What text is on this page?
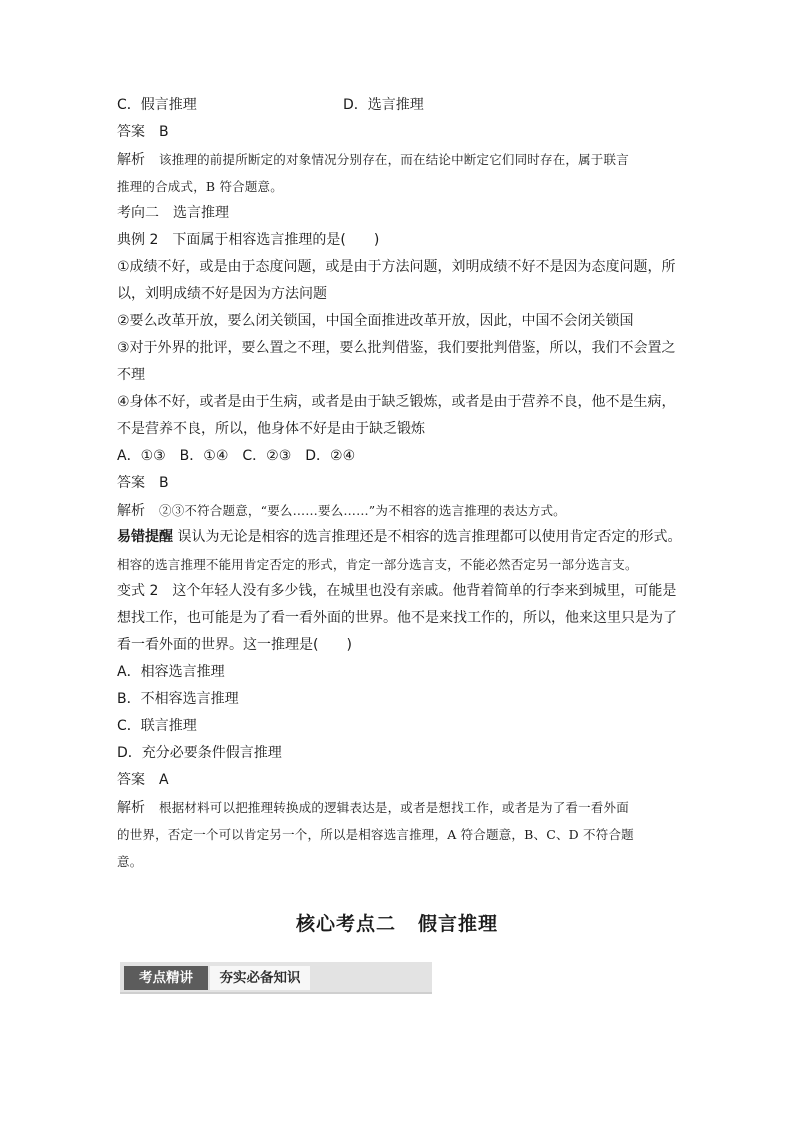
C．假言推理	D．选言推理
答案 B
解析 该推理的前提所断定的对象情况分别存在，而在结论中断定它们同时存在，属于联言
推理的合成式，B 符合题意。
考向二　选言推理
典例 2 下面属于相容选言推理的是(　　)
①成绩不好，或是由于态度问题，或是由于方法问题，刘明成绩不好不是因为态度问题，所
以，刘明成绩不好是因为方法问题
②要么改革开放，要么闭关锁国，中国全面推进改革开放，因此，中国不会闭关锁国
③对于外界的批评，要么置之不理，要么批判借鉴，我们要批判借鉴，所以，我们不会置之
不理
④身体不好，或者是由于生病，或者是由于缺乏锻炼，或者是由于营养不良，他不是生病，
不是营养不良，所以，他身体不好是由于缺乏锻炼
A．①③　B．①④　C．②③　D．②④
答案 B
解析 ②③不符合题意，“要么……要么……”为不相容的选言推理的表达方式。
易错提醒 误认为无论是相容的选言推理还是不相容的选言推理都可以使用肯定否定的形式。
相容的选言推理不能用肯定否定的形式，肯定一部分选言支，不能必然否定另一部分选言支。
变式 2 这个年轻人没有多少钱，在城里也没有亲戚。他背着简单的行李来到城里，可能是
想找工作，也可能是为了看一看外面的世界。他不是来找工作的，所以，他来这里只是为了
看一看外面的世界。这一推理是(　　)
A．相容选言推理
B．不相容选言推理
C．联言推理
D．充分必要条件假言推理
答案 A
解析 根据材料可以把推理转换成的逻辑表达是，或者是想找工作，或者是为了看一看外面
的世界，否定一个可以肯定另一个，所以是相容选言推理，A 符合题意，B、C、D 不符合题
意。
核心考点二 假言推理
考点精讲	夯实必备知识
